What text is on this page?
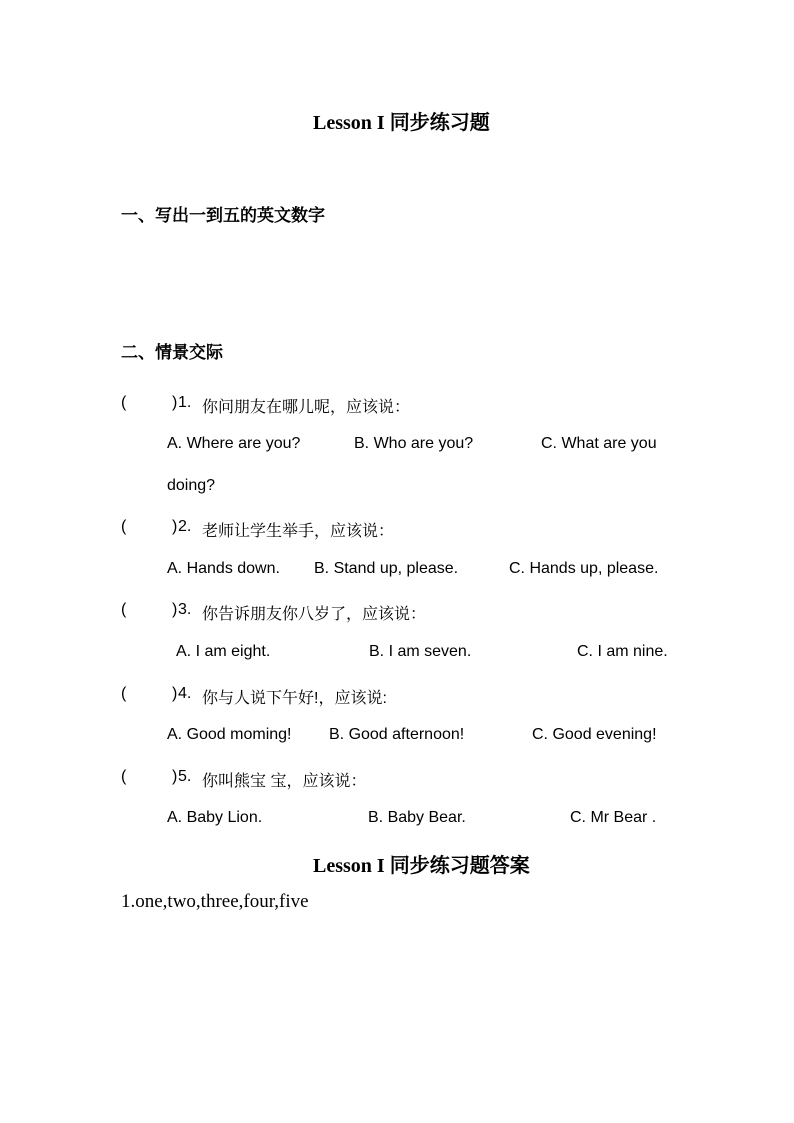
Lesson I 同步练习题
一、写出一到五的英文数字
二、情景交际
(	) 1. 你问朋友在哪儿呢，应该说：
A. Where are you?	B. Who are you?	C. What are you
doing?
(	) 2. 老师让学生举手，应该说：
A. Hands down. B. Stand up, please.	C. Hands up, please.
(	) 3. 你告诉朋友你八岁了，应该说：
A. I am eight.	B. I am seven.	C. I am nine.
(	) 4. 你与人说下午好!，应该说:
A. Good moming! B. Good afternoon!	C. Good evening!
(	) 5. 你叫熊宝 宝，应该说：
A. Baby Lion.	B. Baby Bear.	C. Mr Bear .
Lesson I 同步练习题答案
1.one,two,three,four,five
